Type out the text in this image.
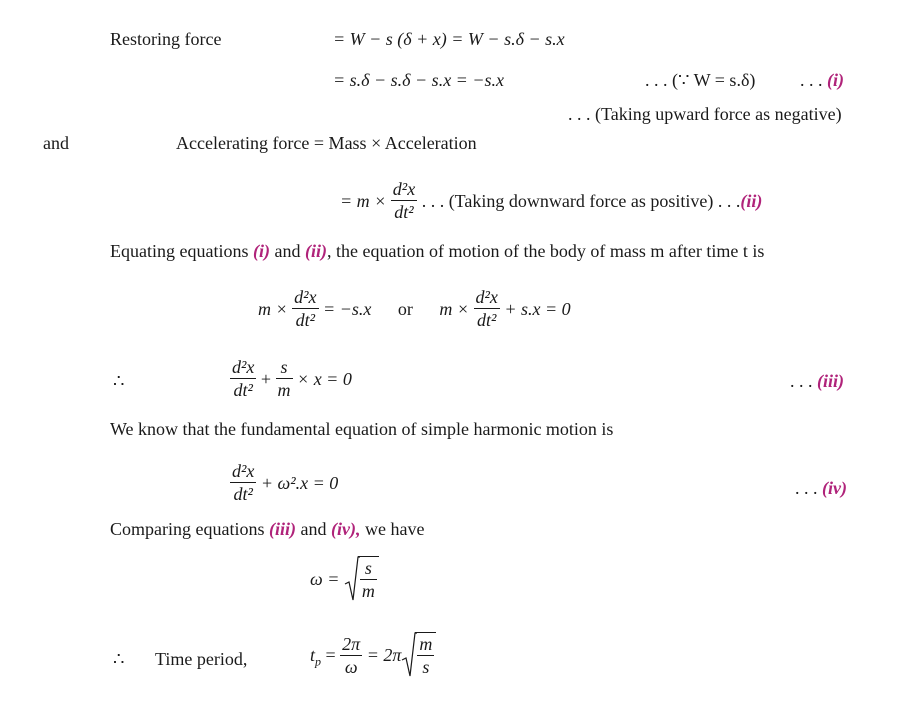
Restoring force	= W − s (δ + x) = W − s.δ − s.x
= s.δ − s.δ − s.x = −s.x	. . . (∵ W = s.δ) . . . (i)
. . . (Taking upward force as negative)
and	Accelerating force = Mass × Acceleration
= $m \times \frac{\text{d²x}}{\text{dt²}}$ . . . (Taking downward force as positive) . . .(ii)
Equating equations (i) and (ii), the equation of motion of the body of mass m after time t is
$m \times \frac{\text{d²x}}{\text{dt²}} = -s.x$ or $m \times \frac{\text{d²x}}{\text{dt²}} + s.x = 0$
∴	$\frac{\text{d²x}}{\text{dt²}} + \frac{s}{m} \times x = 0$	. . . (iii)
We know that the fundamental equation of simple harmonic motion is
$\frac{\text{d²x}}{\text{dt²}} + \omega^2.x = 0$	. . . (iv)
Comparing equations (iii) and (iv), we have
$\omega = \frac{s}{m}$
∴ Time period,	$t_p = \frac{2\pi}{\omega} = 2\pi \frac{m}{s}$
